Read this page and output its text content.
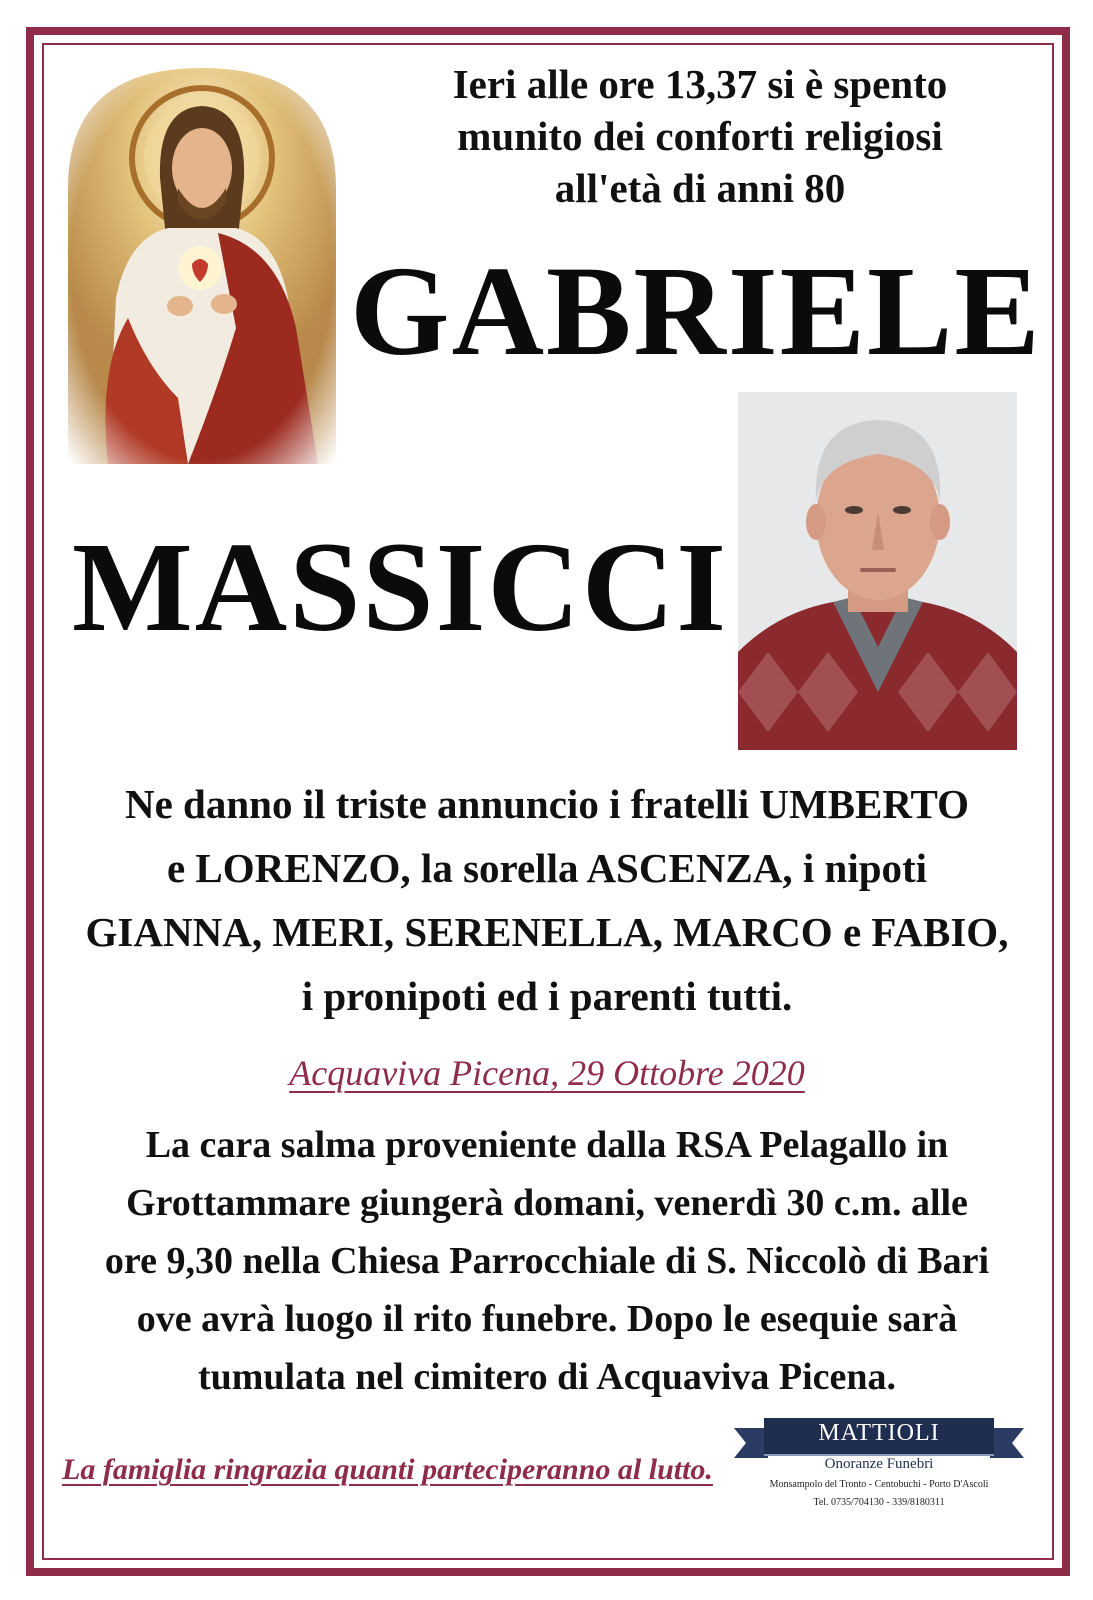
Ieri alle ore 13,37 si è spento
munito dei conforti religiosi
all'età di anni 80
GABRIELE
MASSICCI
Ne danno il triste annuncio i fratelli UMBERTO
e LORENZO, la sorella ASCENZA, i nipoti
GIANNA, MERI, SERENELLA, MARCO e FABIO,
i pronipoti ed i parenti tutti.
Acquaviva Picena, 29 Ottobre 2020
La cara salma proveniente dalla RSA Pelagallo in
Grottammare giungerà domani, venerdì 30 c.m. alle
ore 9,30 nella Chiesa Parrocchiale di S. Niccolò di Bari
ove avrà luogo il rito funebre. Dopo le esequie sarà
tumulata nel cimitero di Acquaviva Picena.
La famiglia ringrazia quanti parteciperanno al lutto.
MATTIOLI
Onoranze Funebri
Monsampolo del Tronto - Centobuchi - Porto D'Ascoli
Tel. 0735/704130 - 339/8180311
